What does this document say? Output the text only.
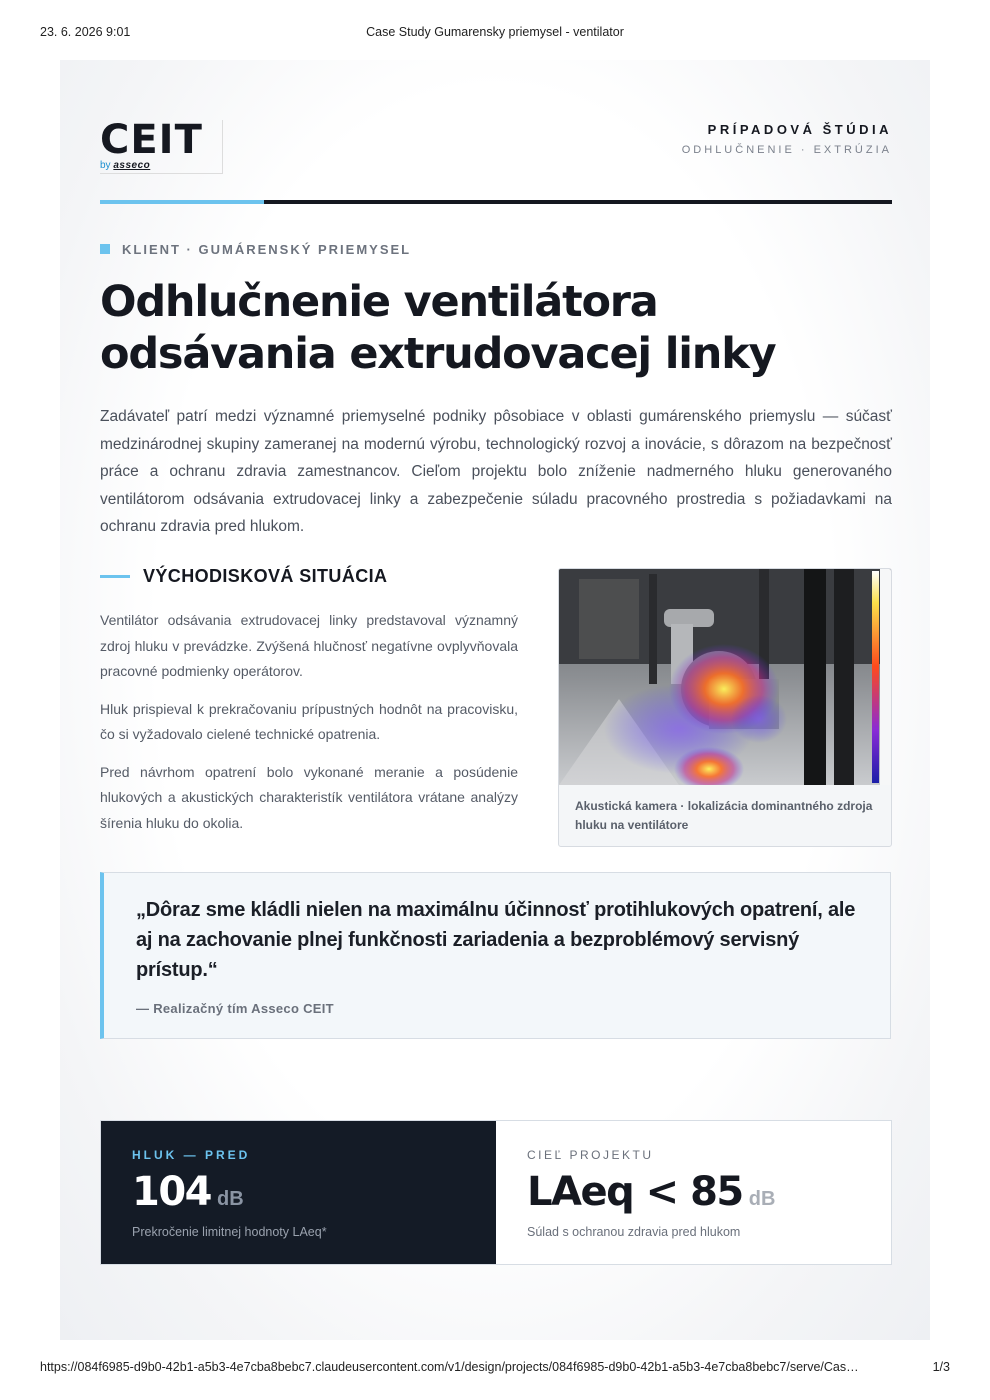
23. 6. 2026 9:01	Case Study Gumarensky priemysel - ventilator
CEIT
by asseco
PRÍPADOVÁ ŠTÚDIA
ODHLUČNENIE · EXTRÚZIA
KLIENT · GUMÁRENSKÝ PRIEMYSEL
Odhlučnenie ventilátora
odsávania extrudovacej linky

Zadávateľ patrí medzi významné priemyselné podniky pôsobiace v oblasti gumárenského priemyslu — súčasť medzinárodnej skupiny zameranej na modernú výrobu, technologický rozvoj a inovácie, s dôrazom na bezpečnosť práce a ochranu zdravia zamestnancov. Cieľom projektu bolo zníženie nadmerného hluku generovaného ventilátorom odsávania extrudovacej linky a zabezpečenie súladu pracovného prostredia s požiadavkami na ochranu zdravia pred hlukom.

VÝCHODISKOVÁ SITUÁCIA

Ventilátor odsávania extrudovacej linky predstavoval významný zdroj hluku v prevádzke. Zvýšená hlučnosť negatívne ovplyvňovala pracovné podmienky operátorov.

Hluk prispieval k prekračovaniu prípustných hodnôt na pracovisku, čo si vyžadovalo cielené technické opatrenia.

Pred návrhom opatrení bolo vykonané meranie a posúdenie hlukových a akustických charakteristík ventilátora vrátane analýzy šírenia hluku do okolia.

Akustická kamera · lokalizácia dominantného zdroja hluku na ventilátore

„Dôraz sme kládli nielen na maximálnu účinnosť protihlukových opatrení, ale aj na zachovanie plnej funkčnosti zariadenia a bezproblémový servisný prístup.“

— Realizačný tím Asseco CEIT
HLUK — PRED
104 dB
Prekročenie limitnej hodnoty LAeq*
CIEĽ PROJEKTU
LAeq < 85 dB
Súlad s ochranou zdravia pred hlukom
https://084f6985-d9b0-42b1-a5b3-4e7cba8bebc7.claudeusercontent.com/v1/design/projects/084f6985-d9b0-42b1-a5b3-4e7cba8bebc7/serve/Cas…	1/3
